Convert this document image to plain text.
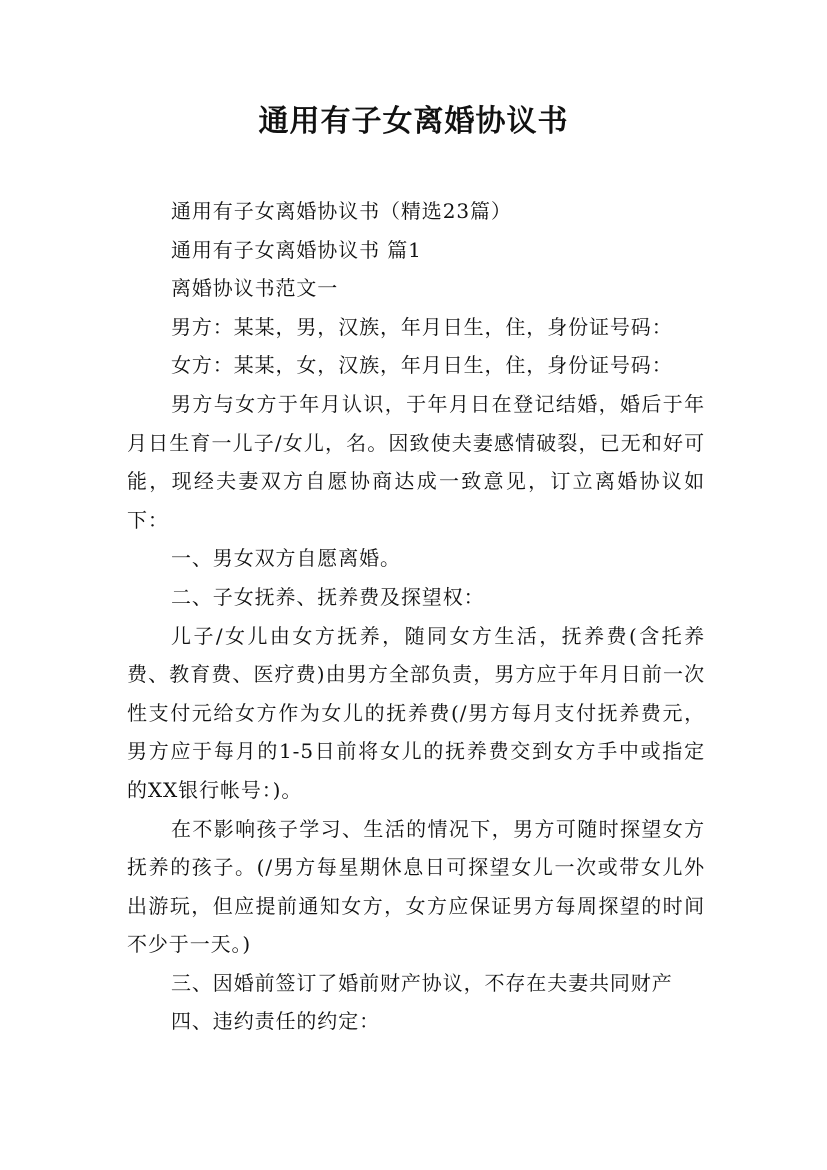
通用有子女离婚协议书

通用有子女离婚协议书（精选23篇）

通用有子女离婚协议书 篇1

离婚协议书范文一

男方：某某，男，汉族，年月日生，住，身份证号码：

女方：某某，女，汉族，年月日生，住，身份证号码：

男方与女方于年月认识，于年月日在登记结婚，婚后于年月日生育一儿子/女儿，名。因致使夫妻感情破裂，已无和好可能，现经夫妻双方自愿协商达成一致意见，订立离婚协议如下：

一、男女双方自愿离婚。

二、子女抚养、抚养费及探望权：

儿子/女儿由女方抚养，随同女方生活，抚养费(含托养费、教育费、医疗费)由男方全部负责，男方应于年月日前一次性支付元给女方作为女儿的抚养费(/男方每月支付抚养费元，男方应于每月的1-5日前将女儿的抚养费交到女方手中或指定的XX银行帐号：)。

在不影响孩子学习、生活的情况下，男方可随时探望女方抚养的孩子。(/男方每星期休息日可探望女儿一次或带女儿外出游玩，但应提前通知女方，女方应保证男方每周探望的时间不少于一天。)

三、因婚前签订了婚前财产协议，不存在夫妻共同财产

四、违约责任的约定：
